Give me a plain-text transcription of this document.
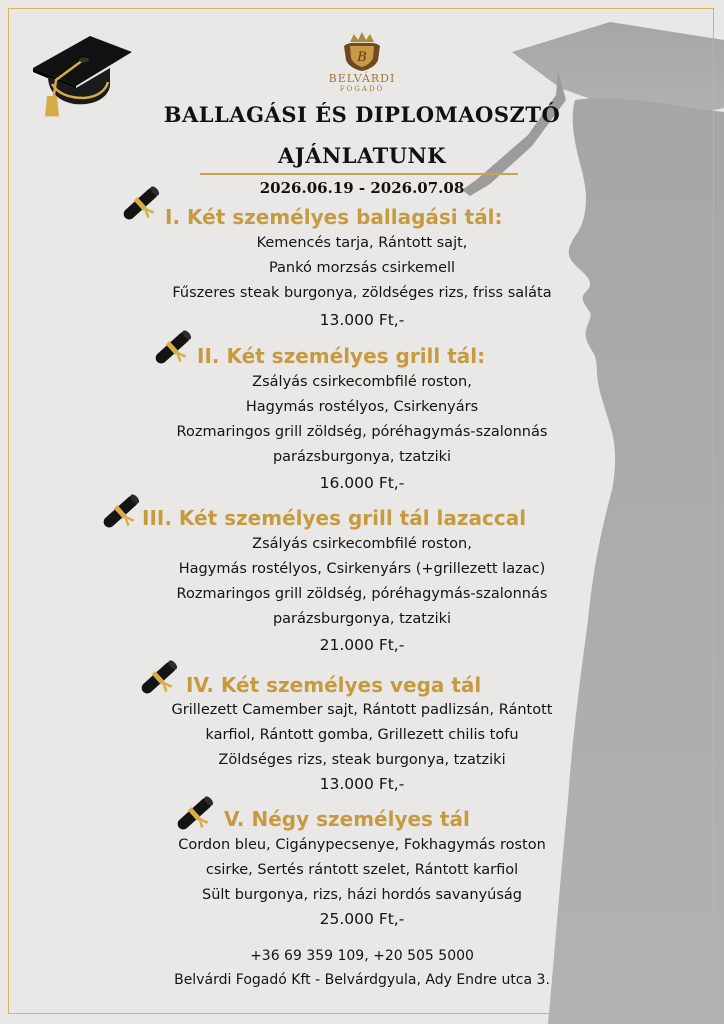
B
BELVÁRDI
FOGADÓ
BALLAGÁSI ÉS DIPLOMAOSZTÓ
AJÁNLATUNK
2026.06.19 - 2026.07.08
I. Két személyes ballagási tál:
Kemencés tarja, Rántott sajt,
Pankó morzsás csirkemell
Fűszeres steak burgonya, zöldséges rizs, friss saláta
13.000 Ft,-
II. Két személyes grill tál:
Zsályás csirkecombfilé roston,
Hagymás rostélyos, Csirkenyárs
Rozmaringos grill zöldség, póréhagymás-szalonnás
parázsburgonya, tzatziki
16.000 Ft,-
III. Két személyes grill tál lazaccal
Zsályás csirkecombfilé roston,
Hagymás rostélyos, Csirkenyárs (+grillezett lazac)
Rozmaringos grill zöldség, póréhagymás-szalonnás
parázsburgonya, tzatziki
21.000 Ft,-
IV. Két személyes vega tál
Grillezett Camember sajt, Rántott padlizsán, Rántott
karfiol, Rántott gomba, Grillezett chilis tofu
Zöldséges rizs, steak burgonya, tzatziki
13.000 Ft,-
V. Négy személyes tál
Cordon bleu, Cigánypecsenye, Fokhagymás roston
csirke, Sertés rántott szelet, Rántott karfiol
Sült burgonya, rizs, házi hordós savanyúság
25.000 Ft,-
+36 69 359 109, +20 505 5000
Belvárdi Fogadó Kft - Belvárdgyula, Ady Endre utca 3.
